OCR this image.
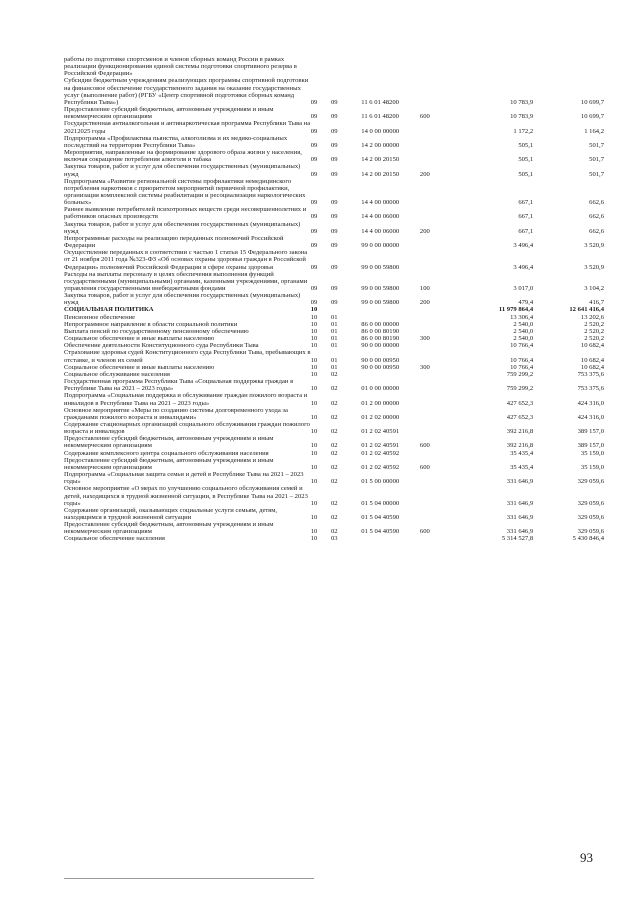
работы по подготовке спортсменов и членов сборных команд России в рамках реализации функционирования единой системы подготовки спортивного резерва в Российской Федерации»						
Субсидии бюджетным учреждениям реализующих программы спортивной подготовки на финансовое обеспечение государственного задания на оказание государственных услуг (выполнение работ) (РГБУ «Центр спортивной подготовки сборных команд Республики Тыва»)	09	09	11 6 01 48200		10 783,9	10 699,7
Предоставление субсидий бюджетным, автономным учреждениям и иным некоммерческим организациям	09	09	11 6 01 48200	600	10 783,9	10 699,7
Государственная антиалкогольная и антинаркотическая программа Республики Тыва на 20212025 годы	09	09	14 0 00 00000		1 172,2	1 164,2
Подпрограмма «Профилактика пьянства, алкоголизма и их медико-социальных последствий на территории Республики Тыва»	09	09	14 2 00 00000		505,1	501,7
Мероприятия, направленные на формирование здорового образа жизни у населения, включая сокращение потребления алкоголя и табака	09	09	14 2 00 20150		505,1	501,7
Закупка товаров, работ и услуг для обеспечения государственных (муниципальных) нужд	09	09	14 2 00 20150	200	505,1	501,7
Подпрограмма «Развитие региональной системы профилактики немедицинского потребления наркотиков с приоритетом мероприятий первичной профилактики, организация комплексной системы реабилитации и ресоциализации наркологических больных»	09	09	14 4 00 00000		667,1	662,6
Раннее выявление потребителей психотропных веществ среди несовершеннолетних и работников опасных производств	09	09	14 4 00 06000		667,1	662,6
Закупка товаров, работ и услуг для обеспечения государственных (муниципальных) нужд	09	09	14 4 00 06000	200	667,1	662,6
Непрограммные расходы на реализацию переданных полномочий Российской Федерации	09	09	99 0 00 00000		3 496,4	3 520,9
Осуществление переданных в соответствии с частью 1 статьи 15 Федерального закона от 21 ноября 2011 года №323-ФЗ «Об основах охраны здоровья граждан в Российской Федерации» полномочий Российской Федерации в сфере охраны здоровья	09	09	99 0 00 59800		3 496,4	3 520,9
Расходы на выплаты персоналу в целях обеспечения выполнения функций государственными (муниципальными) органами, казенными учреждениями, органами управления государственными внебюджетными фондами	09	09	99 0 00 59800	100	3 017,0	3 104,2
Закупка товаров, работ и услуг для обеспечения государственных (муниципальных) нужд	09	09	99 0 00 59800	200	479,4	416,7
СОЦИАЛЬНАЯ ПОЛИТИКА	10				11 979 864,4	12 641 416,4
Пенсионное обеспечение	10	01			13 306,4	13 202,6
Непрограммное направление в области социальной политики	10	01	86 0 00 00000		2 540,0	2 520,2
Выплата пенсий по государственному пенсионному обеспечению	10	01	86 0 00 80190		2 540,0	2 520,2
Социальное обеспечение и иные выплаты населению	10	01	86 0 00 80190	300	2 540,0	2 520,2
Обеспечение деятельности Конституционного суда Республики Тыва	10	01	90 0 00 00000		10 766,4	10 682,4
Страхование здоровья судей Конституционного суда Республики Тыва, пребывающих в отставке, и членов их семей	10	01	90 0 00 00950		10 766,4	10 682,4
Социальное обеспечение и иные выплаты населению	10	01	90 0 00 00950	300	10 766,4	10 682,4
Социальное обслуживание населения	10	02			759 299,2	753 375,6
Государственная программа Республики Тыва «Социальная поддержка граждан в Республике Тыва на 2021 – 2023 годы»	10	02	01 0 00 00000		759 299,2	753 375,6
Подпрограмма «Социальная поддержка и обслуживание граждан пожилого возраста и инвалидов в Республике Тыва на 2021 – 2023 годы»	10	02	01 2 00 00000		427 652,3	424 316,0
Основное мероприятие «Меры по созданию системы долговременного ухода за гражданами пожилого возраста и инвалидами»	10	02	01 2 02 00000		427 652,3	424 316,0
Содержание стационарных организаций социального обслуживания граждан пожилого возраста и инвалидов	10	02	01 2 02 40591		392 216,8	389 157,0
Предоставление субсидий бюджетным, автономным учреждениям и иным некоммерческим организациям	10	02	01 2 02 40591	600	392 216,8	389 157,0
Содержание комплексного центра социального обслуживания населения	10	02	01 2 02 40592		35 435,4	35 159,0
Предоставление субсидий бюджетным, автономным учреждениям и иным некоммерческим организациям	10	02	01 2 02 40592	600	35 435,4	35 159,0
Подпрограмма «Социальная защита семьи и детей в Республике Тыва на 2021 – 2023 годы»	10	02	01 5 00 00000		331 646,9	329 059,6
Основное мероприятие «О мерах по улучшению социального обслуживания семей и детей, находящихся в трудной жизненной ситуации, в Республике Тыва на 2021 – 2023 годы»	10	02	01 5 04 00000		331 646,9	329 059,6
Содержание организаций, оказывающих социальные услуги семьям, детям, находящимся в трудной жизненной ситуации	10	02	01 5 04 40590		331 646,9	329 059,6
Предоставление субсидий бюджетным, автономным учреждениям и иным некоммерческим организациям	10	02	01 5 04 40590	600	331 646,9	329 059,6
Социальное обеспечение населения	10	03			5 314 527,8	5 430 846,4
93
